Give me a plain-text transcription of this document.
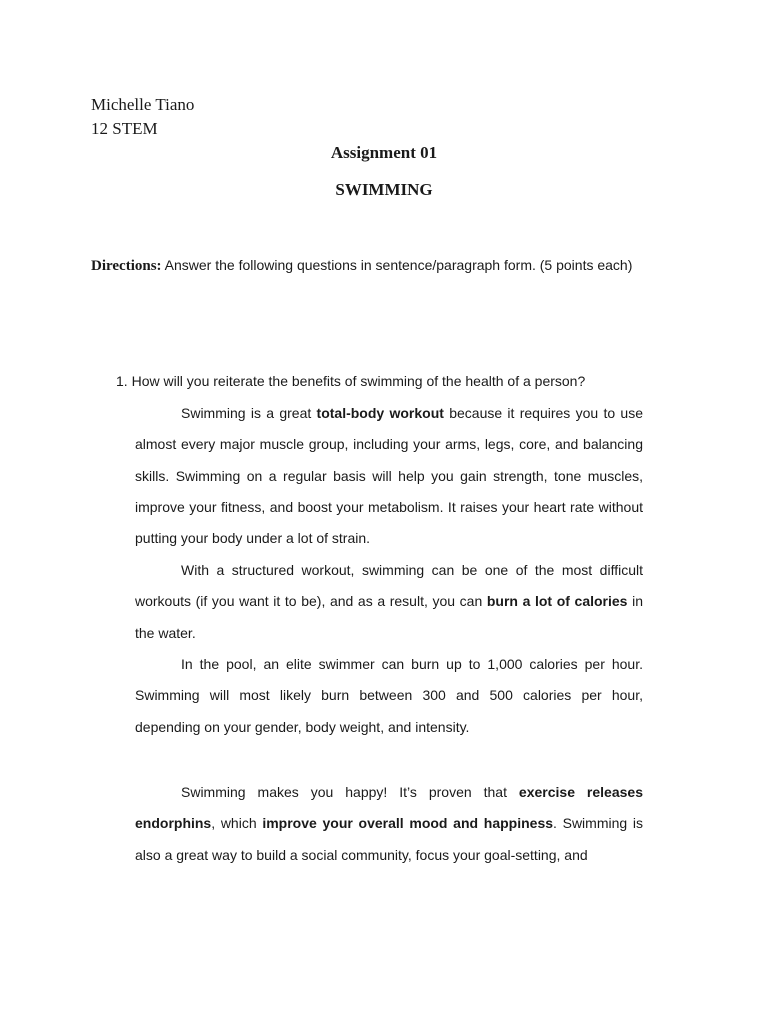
Michelle Tiano

12 STEM

Assignment 01

SWIMMING

Directions: Answer the following questions in sentence/paragraph form. (5 points each)

1. How will you reiterate the benefits of swimming of the health of a person?

Swimming is a great total-body workout because it requires you to use almost every major muscle group, including your arms, legs, core, and balancing skills. Swimming on a regular basis will help you gain strength, tone muscles, improve your fitness, and boost your metabolism. It raises your heart rate without putting your body under a lot of strain.

With a structured workout, swimming can be one of the most difficult workouts (if you want it to be), and as a result, you can burn a lot of calories in the water.

In the pool, an elite swimmer can burn up to 1,000 calories per hour. Swimming will most likely burn between 300 and 500 calories per hour, depending on your gender, body weight, and intensity.

Swimming makes you happy! It’s proven that exercise releases endorphins, which improve your overall mood and happiness. Swimming is also a great way to build a social community, focus your goal-setting, and
